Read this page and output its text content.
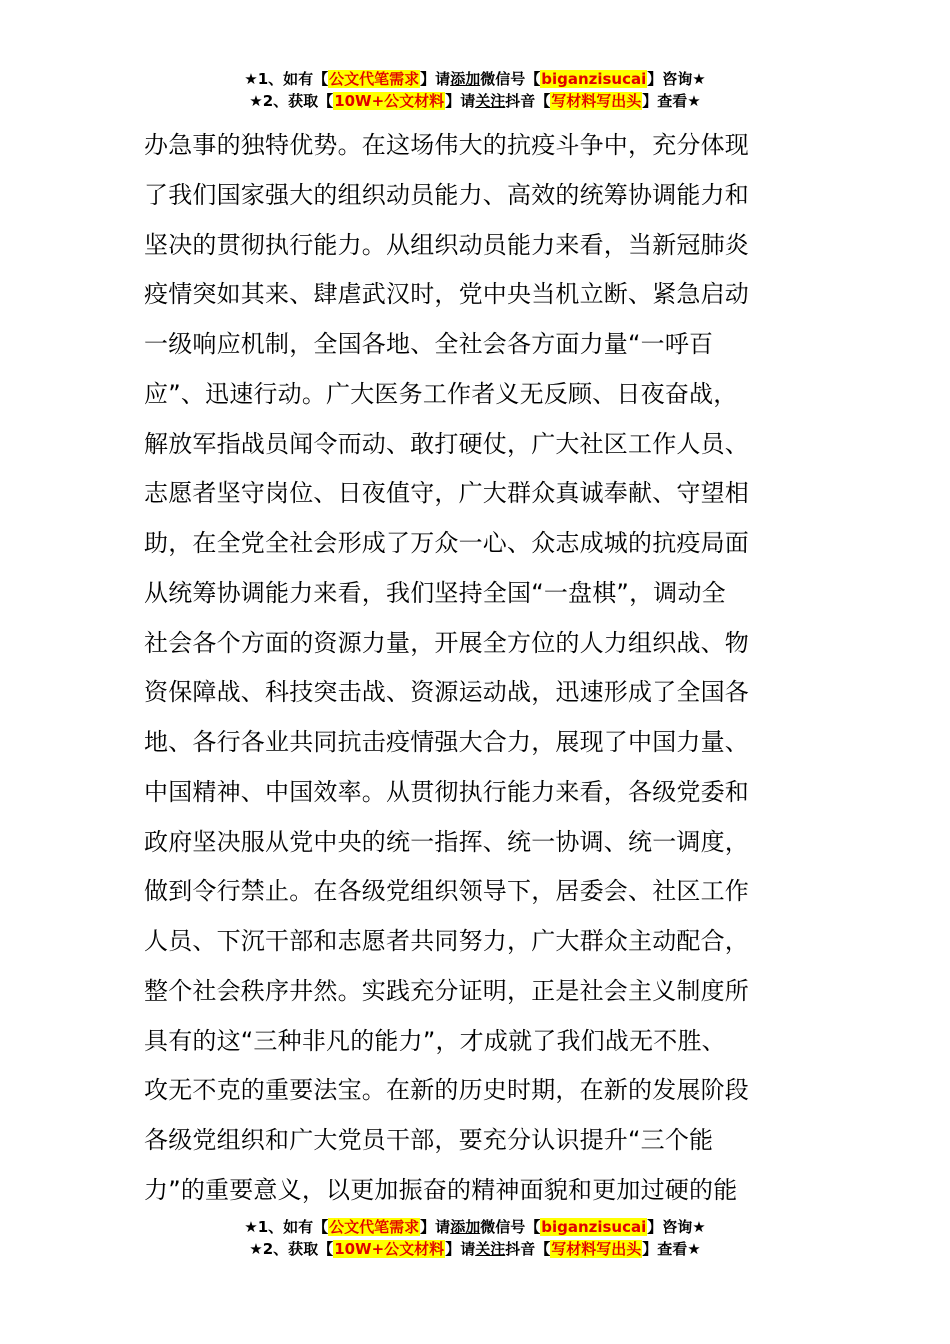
★1、如有【公文代笔需求】请添加微信号【biganzisucai】咨询★
★2、获取【10W+公文材料】请关注抖音【写材料写出头】查看★
办急事的独特优势。在这场伟大的抗疫斗争中，充分体现
了我们国家强大的组织动员能力、高效的统筹协调能力和
坚决的贯彻执行能力。从组织动员能力来看，当新冠肺炎
疫情突如其来、肆虐武汉时，党中央当机立断、紧急启动
一级响应机制，全国各地、全社会各方面力量“一呼百
应”、迅速行动。广大医务工作者义无反顾、日夜奋战，
解放军指战员闻令而动、敢打硬仗，广大社区工作人员、
志愿者坚守岗位、日夜值守，广大群众真诚奉献、守望相
助，在全党全社会形成了万众一心、众志成城的抗疫局面
从统筹协调能力来看，我们坚持全国“一盘棋”，调动全
社会各个方面的资源力量，开展全方位的人力组织战、物
资保障战、科技突击战、资源运动战，迅速形成了全国各
地、各行各业共同抗击疫情强大合力，展现了中国力量、
中国精神、中国效率。从贯彻执行能力来看，各级党委和
政府坚决服从党中央的统一指挥、统一协调、统一调度，
做到令行禁止。在各级党组织领导下，居委会、社区工作
人员、下沉干部和志愿者共同努力，广大群众主动配合，
整个社会秩序井然。实践充分证明，正是社会主义制度所
具有的这“三种非凡的能力”，才成就了我们战无不胜、
攻无不克的重要法宝。在新的历史时期，在新的发展阶段
各级党组织和广大党员干部，要充分认识提升“三个能
力”的重要意义，以更加振奋的精神面貌和更加过硬的能
★1、如有【公文代笔需求】请添加微信号【biganzisucai】咨询★
★2、获取【10W+公文材料】请关注抖音【写材料写出头】查看★
